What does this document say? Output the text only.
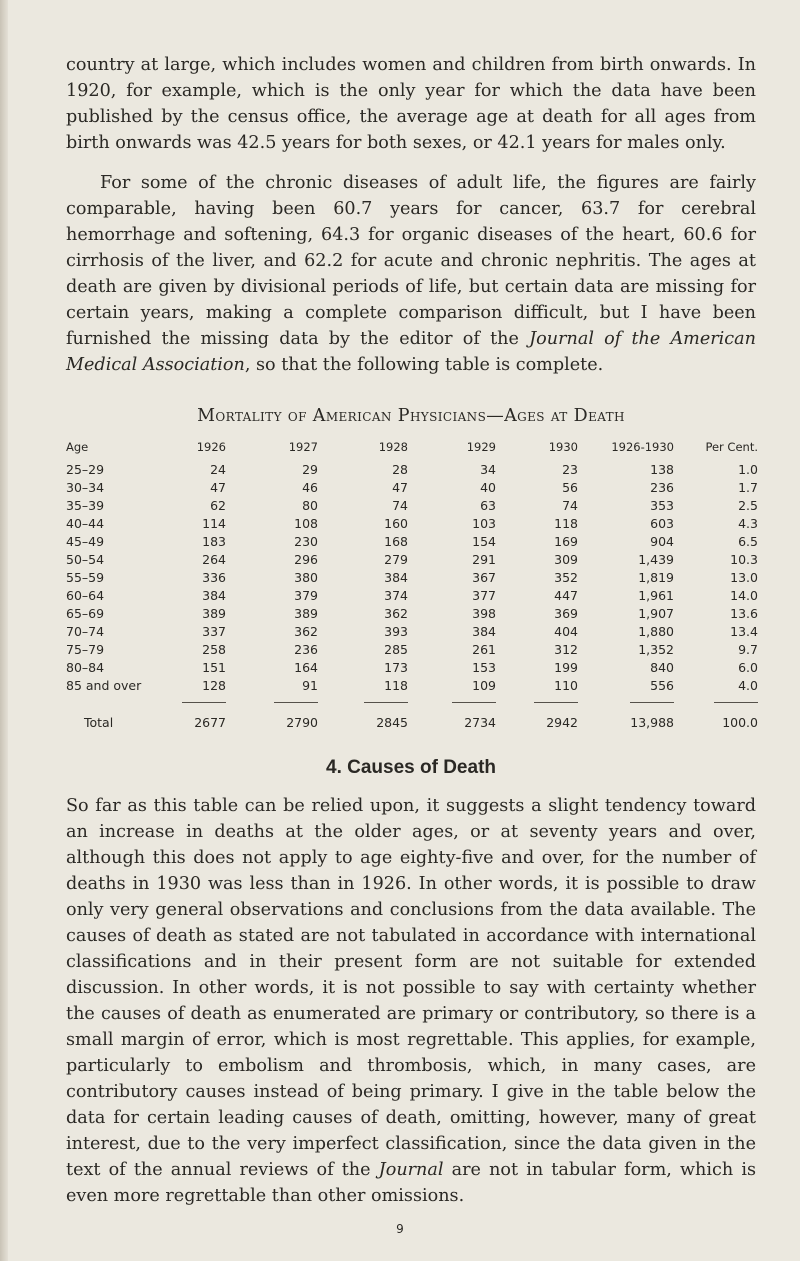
country at large, which includes women and children from birth onwards. In 1920, for example, which is the only year for which the data have been published by the census office, the average age at death for all ages from birth onwards was 42.5 years for both sexes, or 42.1 years for males only.

For some of the chronic diseases of adult life, the figures are fairly comparable, having been 60.7 years for cancer, 63.7 for cerebral hemorrhage and softening, 64.3 for organic diseases of the heart, 60.6 for cirrhosis of the liver, and 62.2 for acute and chronic nephritis. The ages at death are given by divisional periods of life, but certain data are missing for certain years, making a complete comparison difficult, but I have been furnished the missing data by the editor of the Journal of the American Medical Association, so that the following table is complete.

Mortality of American Physicians—Ages at Death
Age	1926	1927	1928	1929	1930	1926-1930	Per Cent.
25–29	24	29	28	34	23	138	1.0
30–34	47	46	47	40	56	236	1.7
35–39	62	80	74	63	74	353	2.5
40–44	114	108	160	103	118	603	4.3
45–49	183	230	168	154	169	904	6.5
50–54	264	296	279	291	309	1,439	10.3
55–59	336	380	384	367	352	1,819	13.0
60–64	384	379	374	377	447	1,961	14.0
65–69	389	389	362	398	369	1,907	13.6
70–74	337	362	393	384	404	1,880	13.4
75–79	258	236	285	261	312	1,352	9.7
80–84	151	164	173	153	199	840	6.0
85 and over	128	91	118	109	110	556	4.0

Total	2677	2790	2845	2734	2942	13,988	100.0
4. Causes of Death

So far as this table can be relied upon, it suggests a slight tendency toward an increase in deaths at the older ages, or at seventy years and over, although this does not apply to age eighty-five and over, for the number of deaths in 1930 was less than in 1926. In other words, it is possible to draw only very general observations and conclusions from the data available. The causes of death as stated are not tabulated in accordance with international classifications and in their present form are not suitable for extended discussion. In other words, it is not possible to say with certainty whether the causes of death as enumerated are primary or contributory, so there is a small margin of error, which is most regrettable. This applies, for example, particularly to embolism and thrombosis, which, in many cases, are contributory causes instead of being primary. I give in the table below the data for certain leading causes of death, omitting, however, many of great interest, due to the very imperfect classification, since the data given in the text of the annual reviews of the Journal are not in tabular form, which is even more regrettable than other omissions.

9
